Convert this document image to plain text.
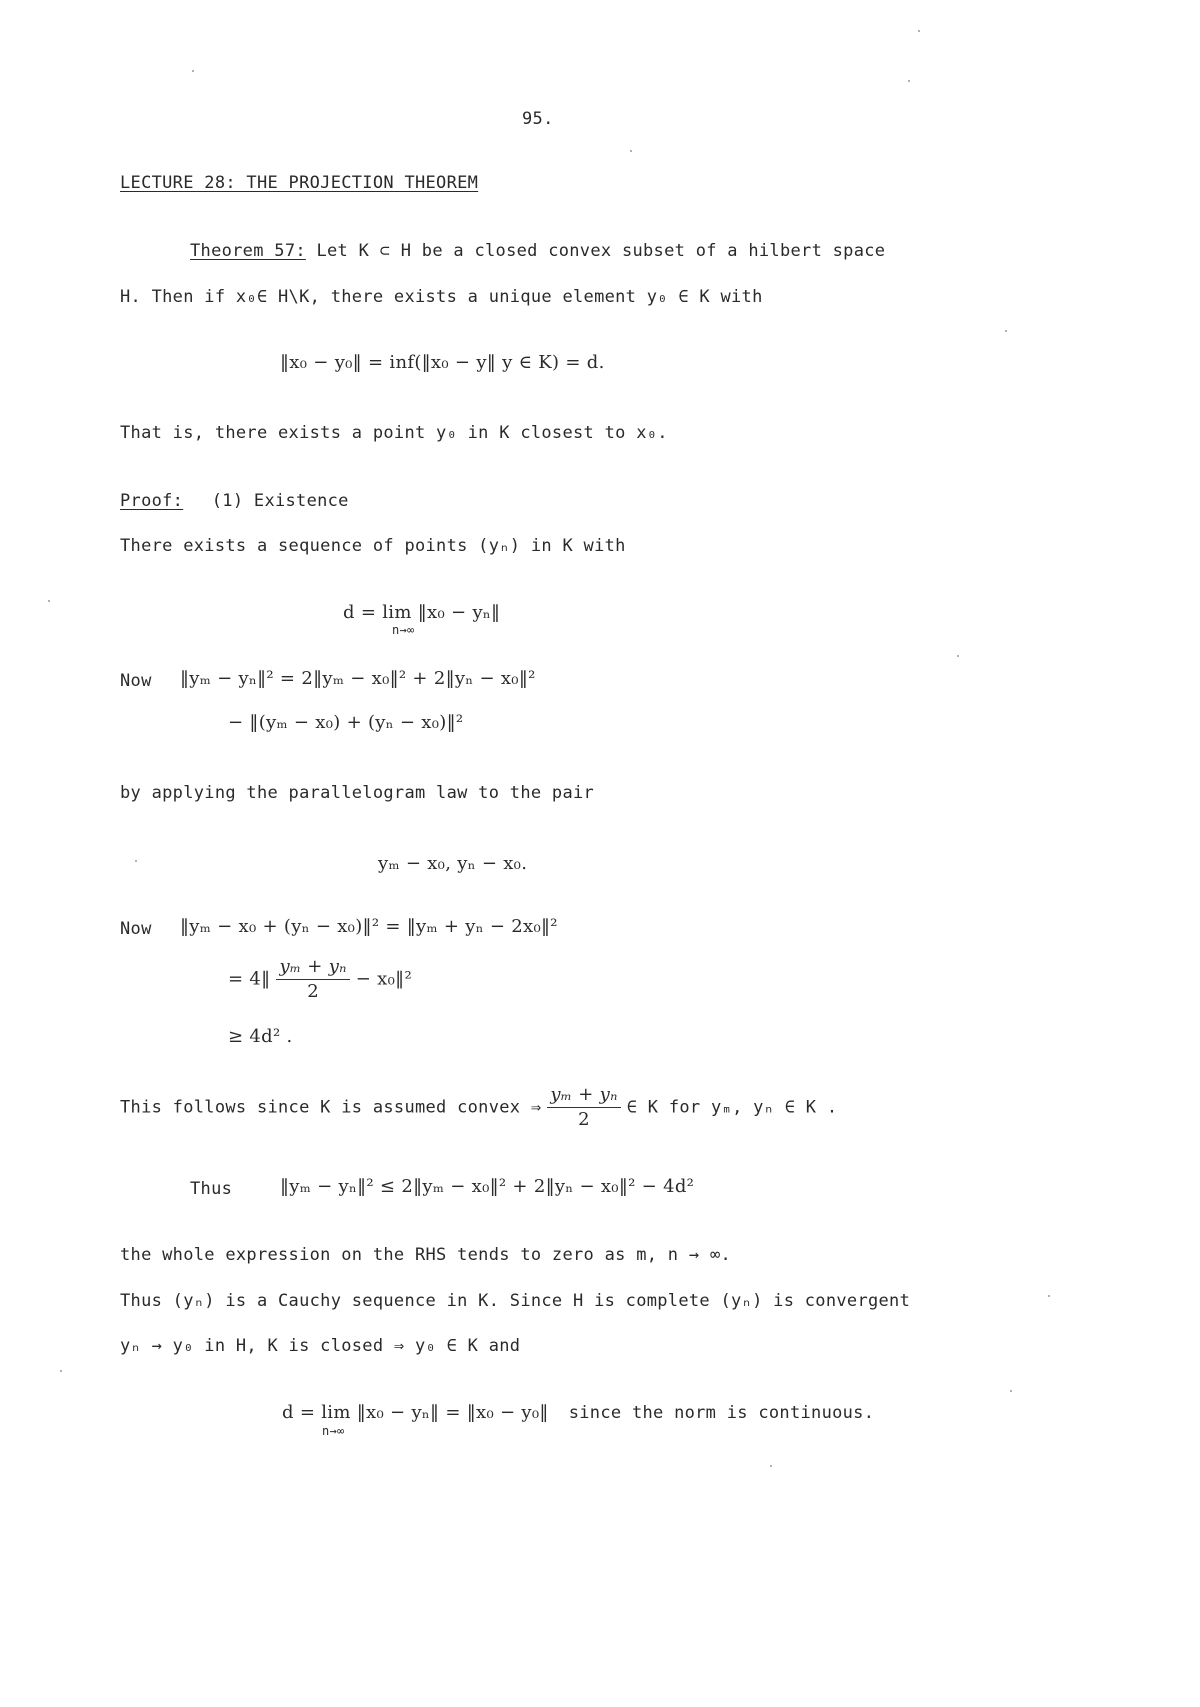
95.
LECTURE 28: THE PROJECTION THEOREM
Theorem 57: Let K ⊂ H be a closed convex subset of a hilbert space
H. Then if x₀∈ H\K, there exists a unique element y₀ ∈ K with
‖x₀ − y₀‖ = inf(‖x₀ − y‖ y ∈ K) = d.
That is, there exists a point y₀ in K closest to x₀.
Proof: (1) Existence
There exists a sequence of points (yₙ) in K with
d = lim ‖x₀ − yₙ‖
n→∞
Now ‖yₘ − yₙ‖² = 2‖yₘ − x₀‖² + 2‖yₙ − x₀‖²
− ‖(yₘ − x₀) + (yₙ − x₀)‖²
by applying the parallelogram law to the pair
yₘ − x₀, yₙ − x₀.
Now ‖yₘ − x₀ + (yₙ − x₀)‖² = ‖yₘ + yₙ − 2x₀‖²
= 4‖ $\frac{\text{yₘ + yₙ}}{2}$ − x₀‖²
≥ 4d² .
This follows since K is assumed convex ⇒ $\frac{\text{yₘ + yₙ}}{2}$ ∈ K for yₘ, yₙ ∈ K .
Thus	‖yₘ − yₙ‖² ≤ 2‖yₘ − x₀‖² + 2‖yₙ − x₀‖² − 4d²
the whole expression on the RHS tends to zero as m, n → ∞.
Thus (yₙ) is a Cauchy sequence in K. Since H is complete (yₙ) is convergent
yₙ → y₀ in H, K is closed ⇒ y₀ ∈ K and
d = lim ‖x₀ − yₙ‖ = ‖x₀ − y₀‖ since the norm is continuous.
n→∞
